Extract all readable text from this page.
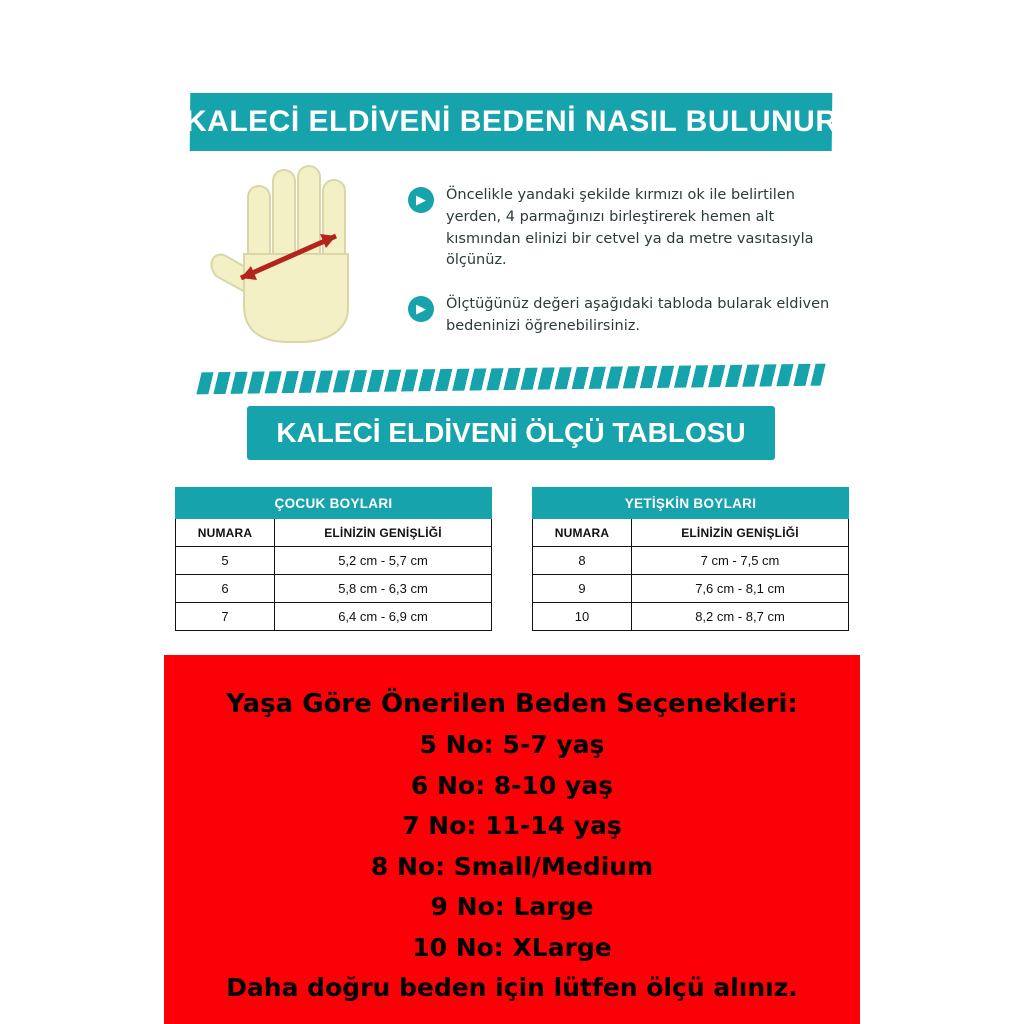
KALECİ ELDİVENİ BEDENİ NASIL BULUNUR
▶	Öncelikle yandaki şekilde kırmızı ok ile belirtilen yerden, 4 parmağınızı birleştirerek hemen alt kısmından elinizi bir cetvel ya da metre vasıtasıyla ölçünüz.
▶	Ölçtüğünüz değeri aşağıdaki tabloda bularak eldiven bedeninizi öğrenebilirsiniz.
KALECİ ELDİVENİ ÖLÇÜ TABLOSU
ÇOCUK BOYLARI	
NUMARA	ELİNİZİN GENİŞLİĞİ
5	5,2 cm - 5,7 cm
6	5,8 cm - 6,3 cm
7	6,4 cm - 6,9 cm
YETİŞKİN BOYLARI	
NUMARA	ELİNİZİN GENİŞLİĞİ
8	7 cm - 7,5 cm
9	7,6 cm - 8,1 cm
10	8,2 cm - 8,7 cm
Yaşa Göre Önerilen Beden Seçenekleri:
5 No: 5-7 yaş
6 No: 8-10 yaş
7 No: 11-14 yaş
8 No: Small/Medium
9 No: Large
10 No: XLarge
Daha doğru beden için lütfen ölçü alınız.
